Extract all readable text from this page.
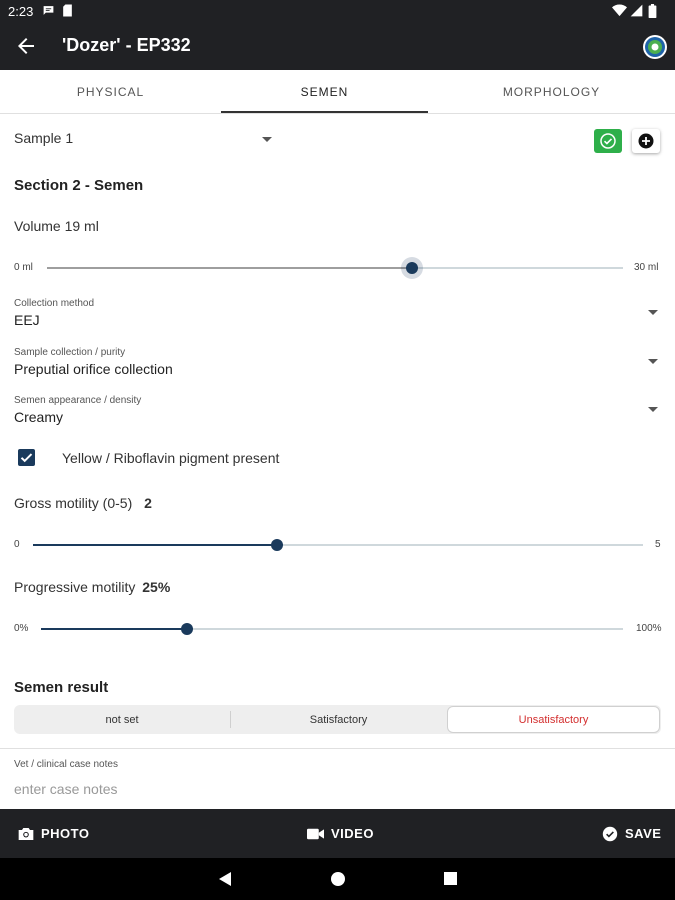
2:23
'Dozer' - EP332
PHYSICAL	SEMEN	MORPHOLOGY
Sample 1
Section 2 - Semen
Volume 19 ml
0 ml	30 ml
Collection method
EEJ
Sample collection / purity
Preputial orifice collection
Semen appearance / density
Creamy
Yellow / Riboflavin pigment present
Gross motility (0-5) 2
0	5
Progressive motility 25%
0%	100%
Semen result
not set	Satisfactory	Unsatisfactory
Vet / clinical case notes
enter case notes
PHOTO	VIDEO	SAVE
